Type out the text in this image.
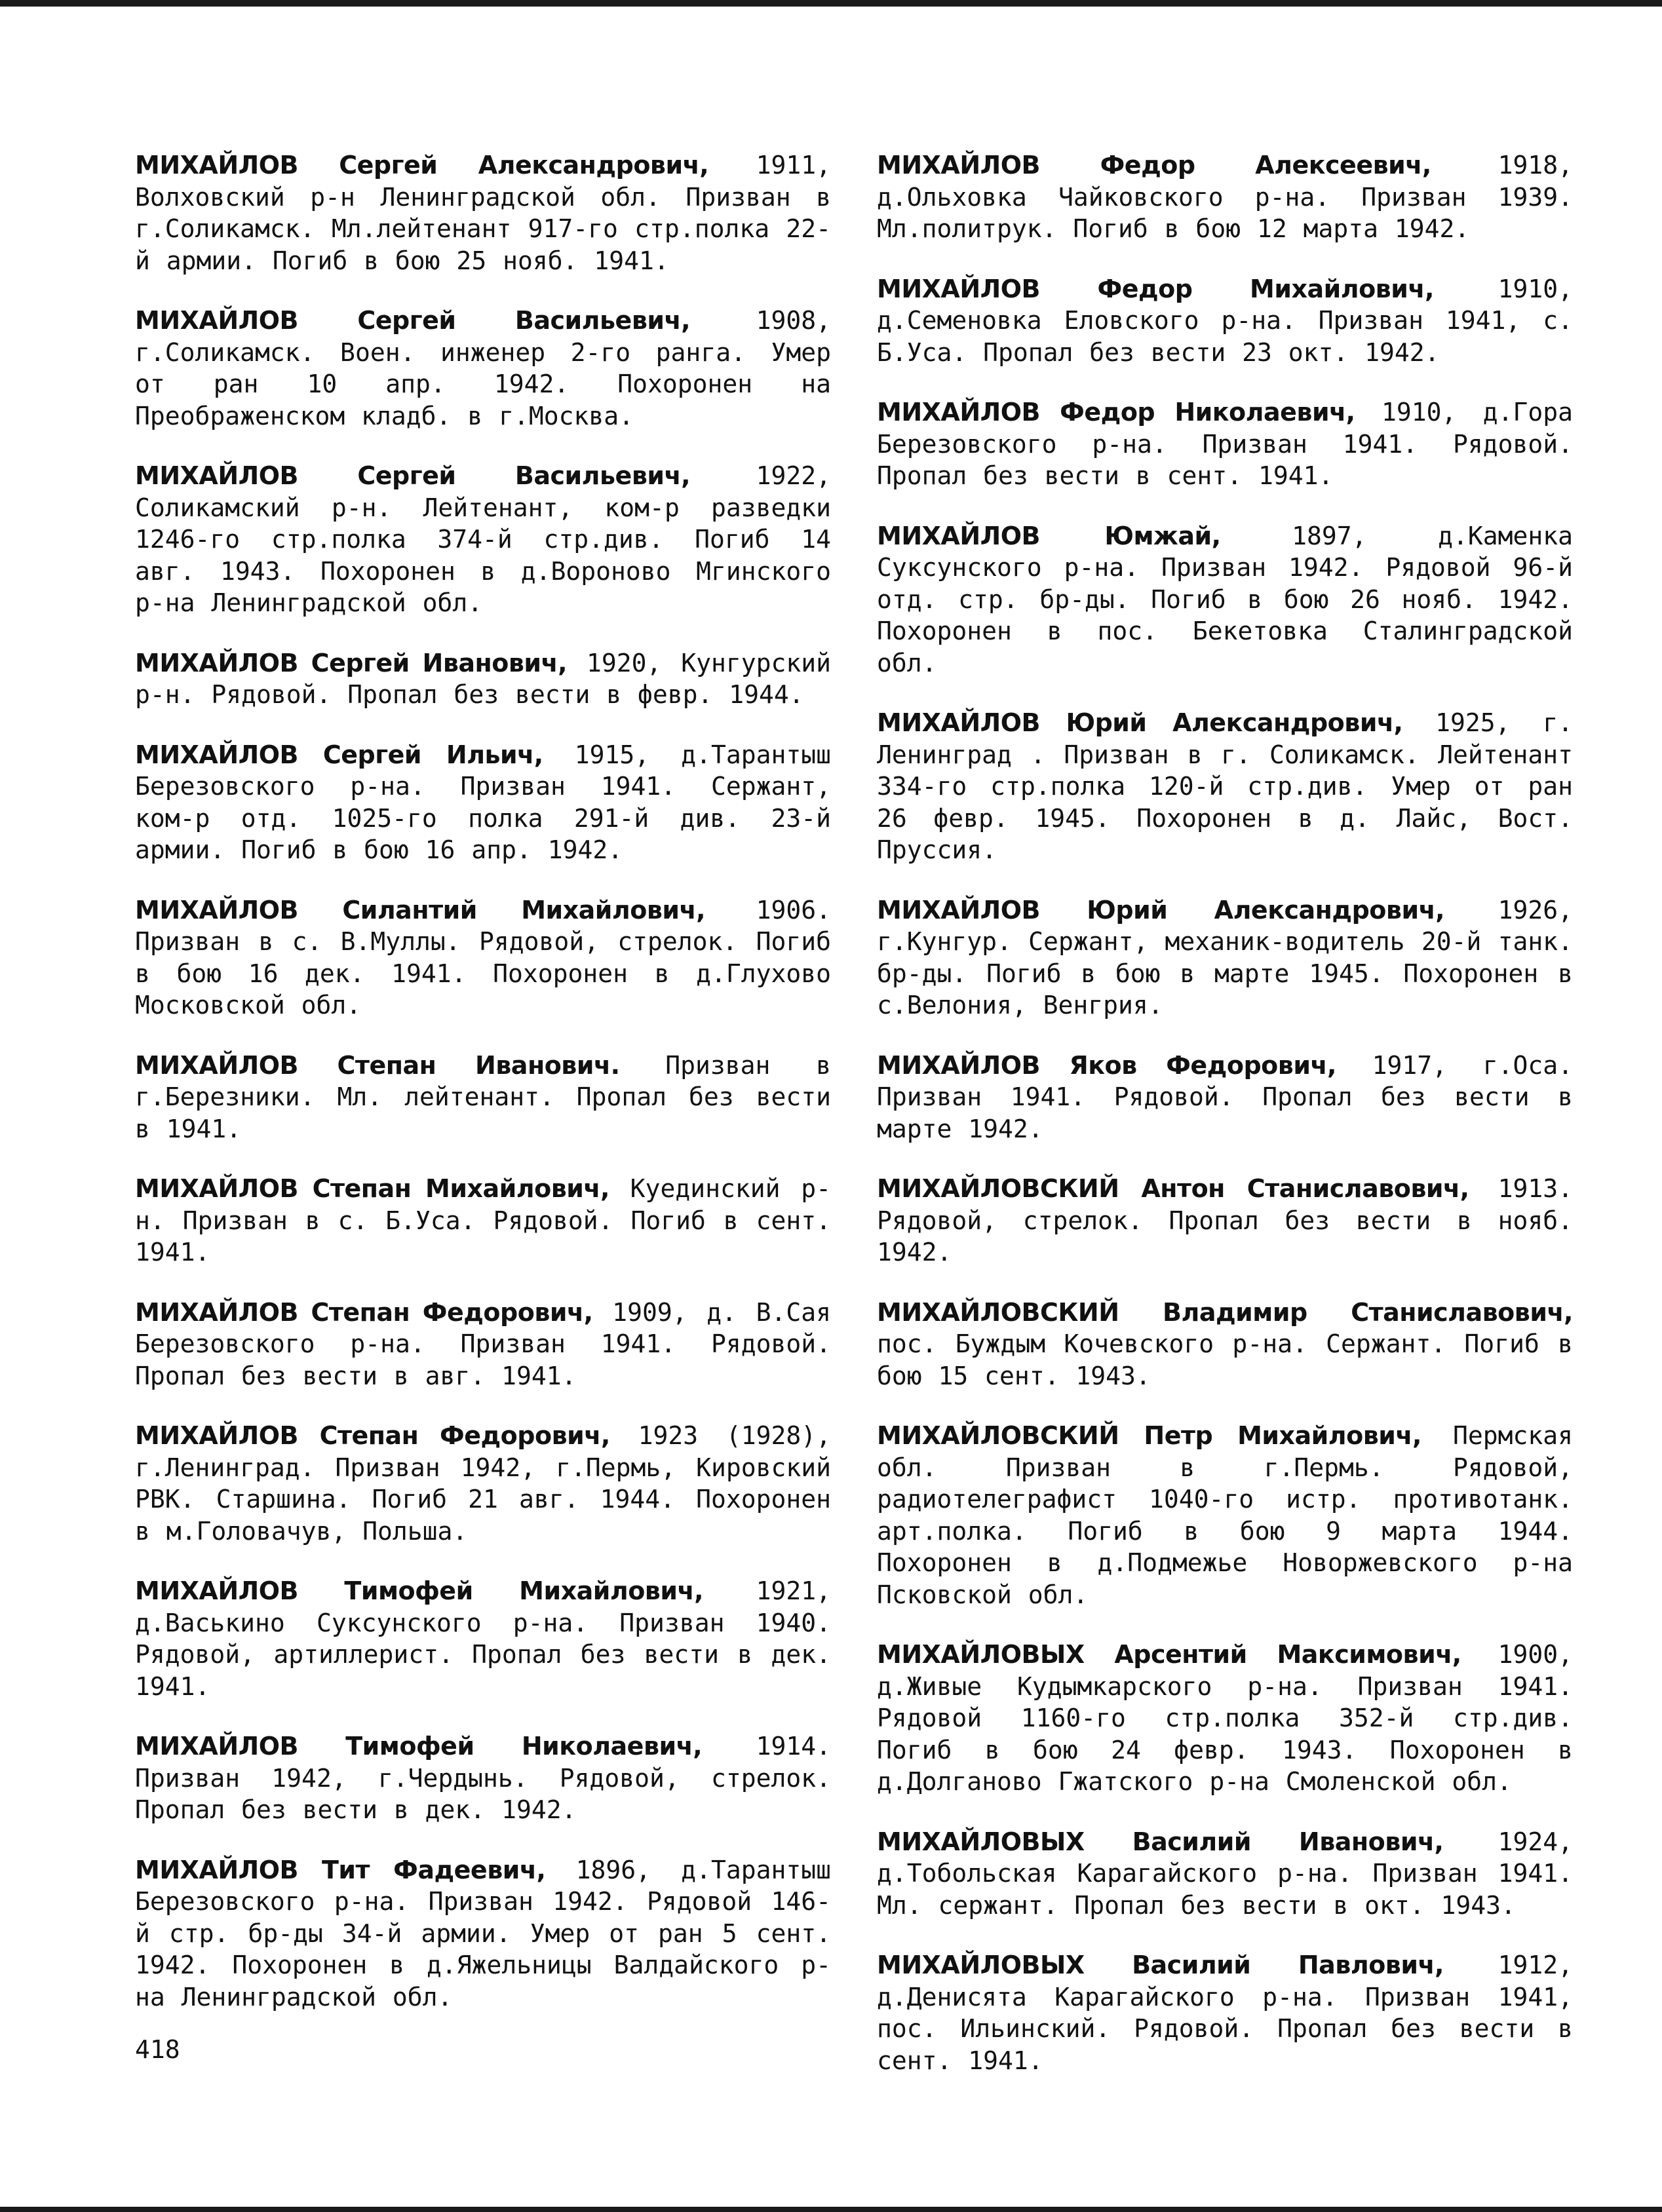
МИХАЙЛОВ Сергей Александрович, 1911, Волховский р-н Ленинградской обл. Призван в г.Соликамск. Мл.лейтенант 917-го стр.полка 22-й армии. Погиб в бою 25 нояб. 1941.

МИХАЙЛОВ Сергей Васильевич, 1908, г.Соликамск. Воен. инженер 2-го ранга. Умер от ран 10 апр. 1942. Похоронен на Преображенском кладб. в г.Москва.

МИХАЙЛОВ Сергей Васильевич, 1922, Соликамский р-н. Лейтенант, ком-р разведки 1246-го стр.полка 374-й стр.див. Погиб 14 авг. 1943. Похоронен в д.Вороново Мгинского р-на Ленинградской обл.

МИХАЙЛОВ Сергей Иванович, 1920, Кунгурский р-н. Рядовой. Пропал без вести в февр. 1944.

МИХАЙЛОВ Сергей Ильич, 1915, д.Тарантыш Березовского р-на. Призван 1941. Сержант, ком-р отд. 1025-го полка 291-й див. 23-й армии. Погиб в бою 16 апр. 1942.

МИХАЙЛОВ Силантий Михайлович, 1906. Призван в с. В.Муллы. Рядовой, стрелок. Погиб в бою 16 дек. 1941. Похоронен в д.Глухово Московской обл.

МИХАЙЛОВ Степан Иванович. Призван в г.Березники. Мл. лейтенант. Пропал без вести в 1941.

МИХАЙЛОВ Степан Михайлович, Куединский р-н. Призван в с. Б.Уса. Рядовой. Погиб в сент. 1941.

МИХАЙЛОВ Степан Федорович, 1909, д. В.Сая Березовского р-на. Призван 1941. Рядовой. Пропал без вести в авг. 1941.

МИХАЙЛОВ Степан Федорович, 1923 (1928), г.Ленинград. Призван 1942, г.Пермь, Кировский РВК. Старшина. Погиб 21 авг. 1944. Похоронен в м.Головачув, Польша.

МИХАЙЛОВ Тимофей Михайлович, 1921, д.Васькино Суксунского р-на. Призван 1940. Рядовой, артиллерист. Пропал без вести в дек. 1941.

МИХАЙЛОВ Тимофей Николаевич, 1914. Призван 1942, г.Чердынь. Рядовой, стрелок. Пропал без вести в дек. 1942.

МИХАЙЛОВ Тит Фадеевич, 1896, д.Тарантыш Березовского р-на. Призван 1942. Рядовой 146-й стр. бр-ды 34-й армии. Умер от ран 5 сент. 1942. Похоронен в д.Яжельницы Валдайского р-на Ленинградской обл.

МИХАЙЛОВ Федор Алексеевич, 1918, д.Ольховка Чайковского р-на. Призван 1939. Мл.политрук. Погиб в бою 12 марта 1942.

МИХАЙЛОВ Федор Михайлович, 1910, д.Семеновка Еловского р-на. Призван 1941, с. Б.Уса. Пропал без вести 23 окт. 1942.

МИХАЙЛОВ Федор Николаевич, 1910, д.Гора Березовского р-на. Призван 1941. Рядовой. Пропал без вести в сент. 1941.

МИХАЙЛОВ Юмжай, 1897, д.Каменка Суксунского р-на. Призван 1942. Рядовой 96-й отд. стр. бр-ды. Погиб в бою 26 нояб. 1942. Похоронен в пос. Бекетовка Сталинградской обл.

МИХАЙЛОВ Юрий Александрович, 1925, г. Ленинград . Призван в г. Соликамск. Лейтенант 334-го стр.полка 120-й стр.див. Умер от ран 26 февр. 1945. Похоронен в д. Лайс, Вост. Пруссия.

МИХАЙЛОВ Юрий Александрович, 1926, г.Кунгур. Сержант, механик-водитель 20-й танк. бр-ды. Погиб в бою в марте 1945. Похоронен в с.Велония, Венгрия.

МИХАЙЛОВ Яков Федорович, 1917, г.Оса. Призван 1941. Рядовой. Пропал без вести в марте 1942.

МИХАЙЛОВСКИЙ Антон Станиславович, 1913. Рядовой, стрелок. Пропал без вести в нояб. 1942.

МИХАЙЛОВСКИЙ Владимир Станиславович, пос. Буждым Кочевского р-на. Сержант. Погиб в бою 15 сент. 1943.

МИХАЙЛОВСКИЙ Петр Михайлович, Пермская обл. Призван в г.Пермь. Рядовой, радиотелеграфист 1040-го истр. противотанк. арт.полка. Погиб в бою 9 марта 1944. Похоронен в д.Подмежье Новоржевского р-на Псковской обл.

МИХАЙЛОВЫХ Арсентий Максимович, 1900, д.Живые Кудымкарского р-на. Призван 1941. Рядовой 1160-го стр.полка 352-й стр.див. Погиб в бою 24 февр. 1943. Похоронен в д.Долганово Гжатского р-на Смоленской обл.

МИХАЙЛОВЫХ Василий Иванович, 1924, д.Тобольская Карагайского р-на. Призван 1941. Мл. сержант. Пропал без вести в окт. 1943.

МИХАЙЛОВЫХ Василий Павлович, 1912, д.Денисята Карагайского р-на. Призван 1941, пос. Ильинский. Рядовой. Пропал без вести в сент. 1941.

418
